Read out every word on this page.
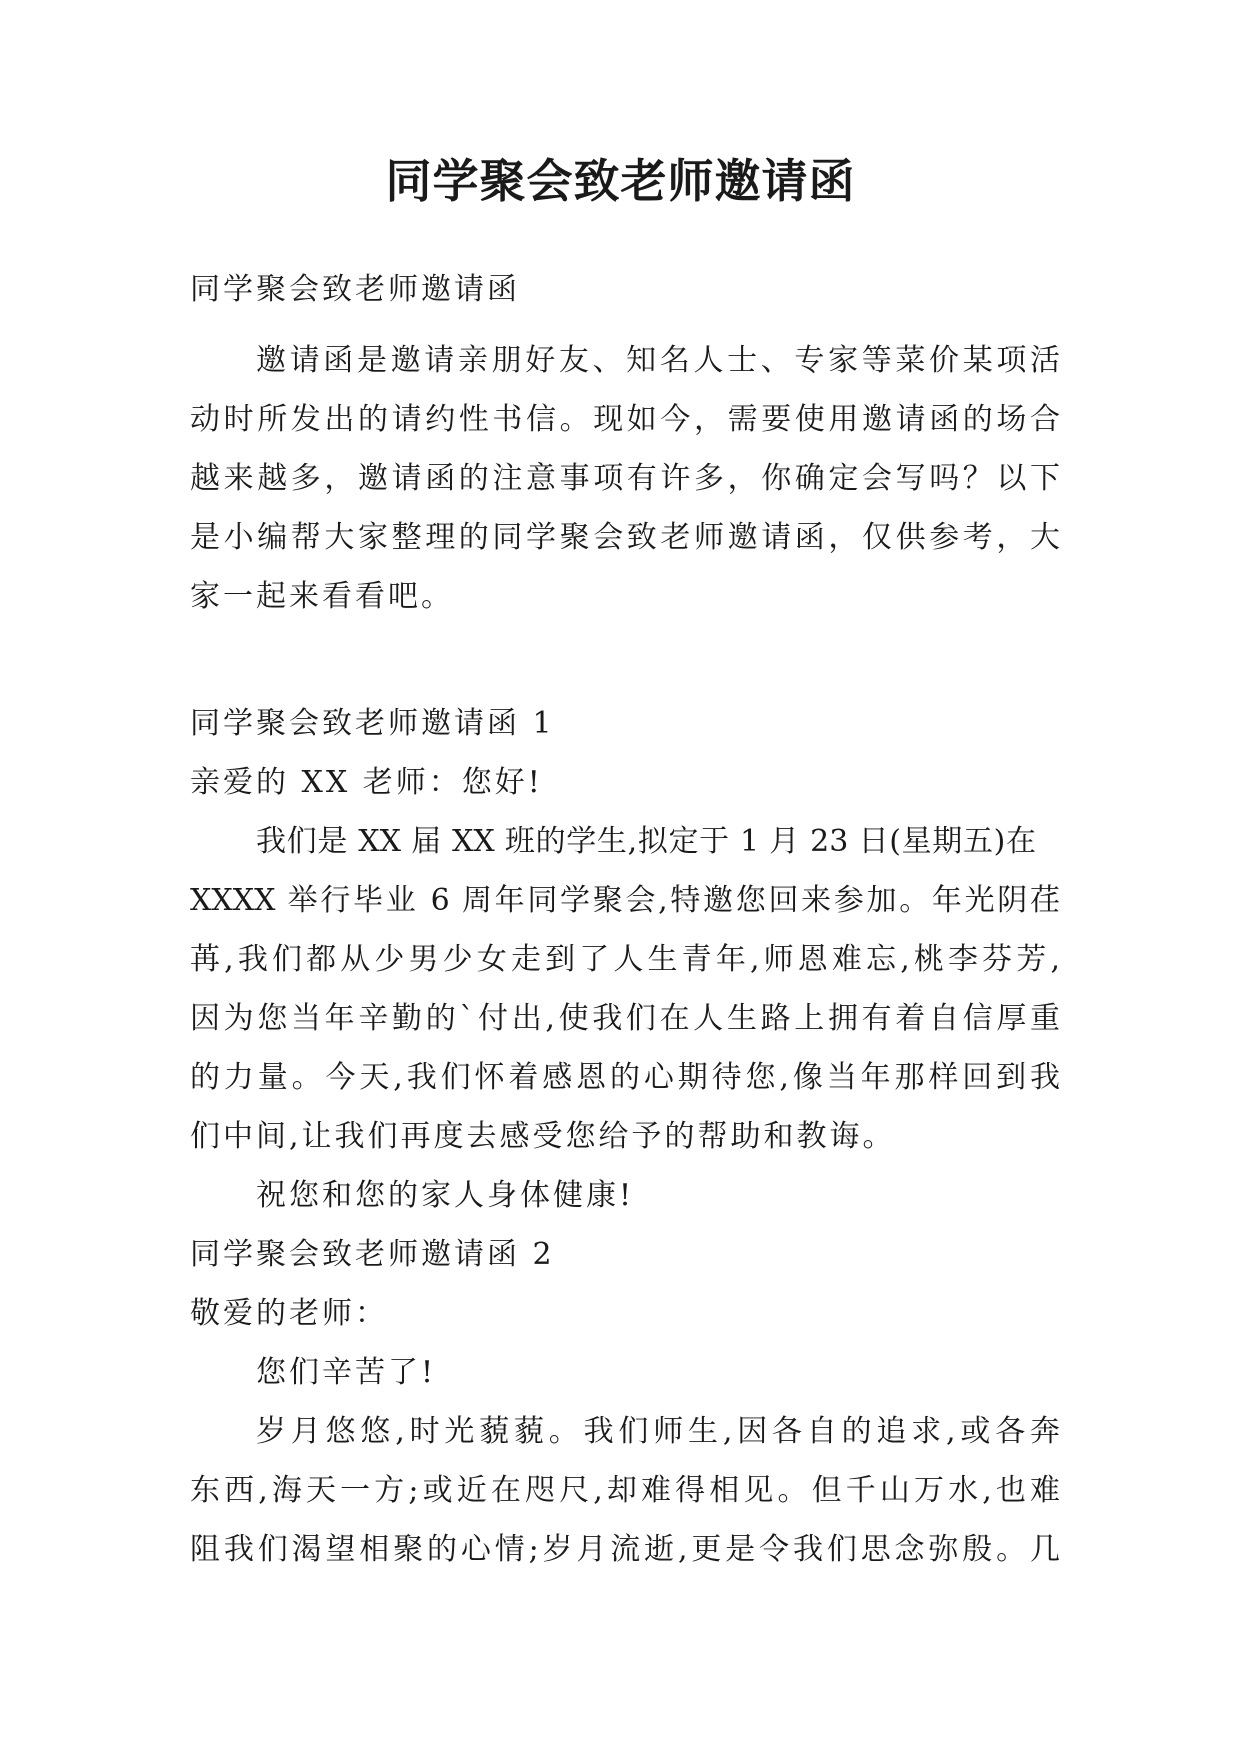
同学聚会致老师邀请函
同学聚会致老师邀请函
邀请函是邀请亲朋好友、知名人士、专家等菜价某项活
动时所发出的请约性书信。现如今，需要使用邀请函的场合
越来越多，邀请函的注意事项有许多，你确定会写吗？以下
是小编帮大家整理的同学聚会致老师邀请函，仅供参考，大
家一起来看看吧。
同学聚会致老师邀请函 1
亲爱的 XX 老师：您好!
我们是 XX 届 XX 班的学生,拟定于 1 月 23 日(星期五)在
XXXX 举行毕业 6 周年同学聚会,特邀您回来参加。年光阴荏
苒,我们都从少男少女走到了人生青年,师恩难忘,桃李芬芳,
因为您当年辛勤的`付出,使我们在人生路上拥有着自信厚重
的力量。今天,我们怀着感恩的心期待您,像当年那样回到我
们中间,让我们再度去感受您给予的帮助和教诲。
祝您和您的家人身体健康!
同学聚会致老师邀请函 2
敬爱的老师：
您们辛苦了!
岁月悠悠,时光藐藐。我们师生,因各自的追求,或各奔
东西,海天一方;或近在咫尺,却难得相见。但千山万水,也难
阻我们渴望相聚的心情;岁月流逝,更是令我们思念弥殷。几
